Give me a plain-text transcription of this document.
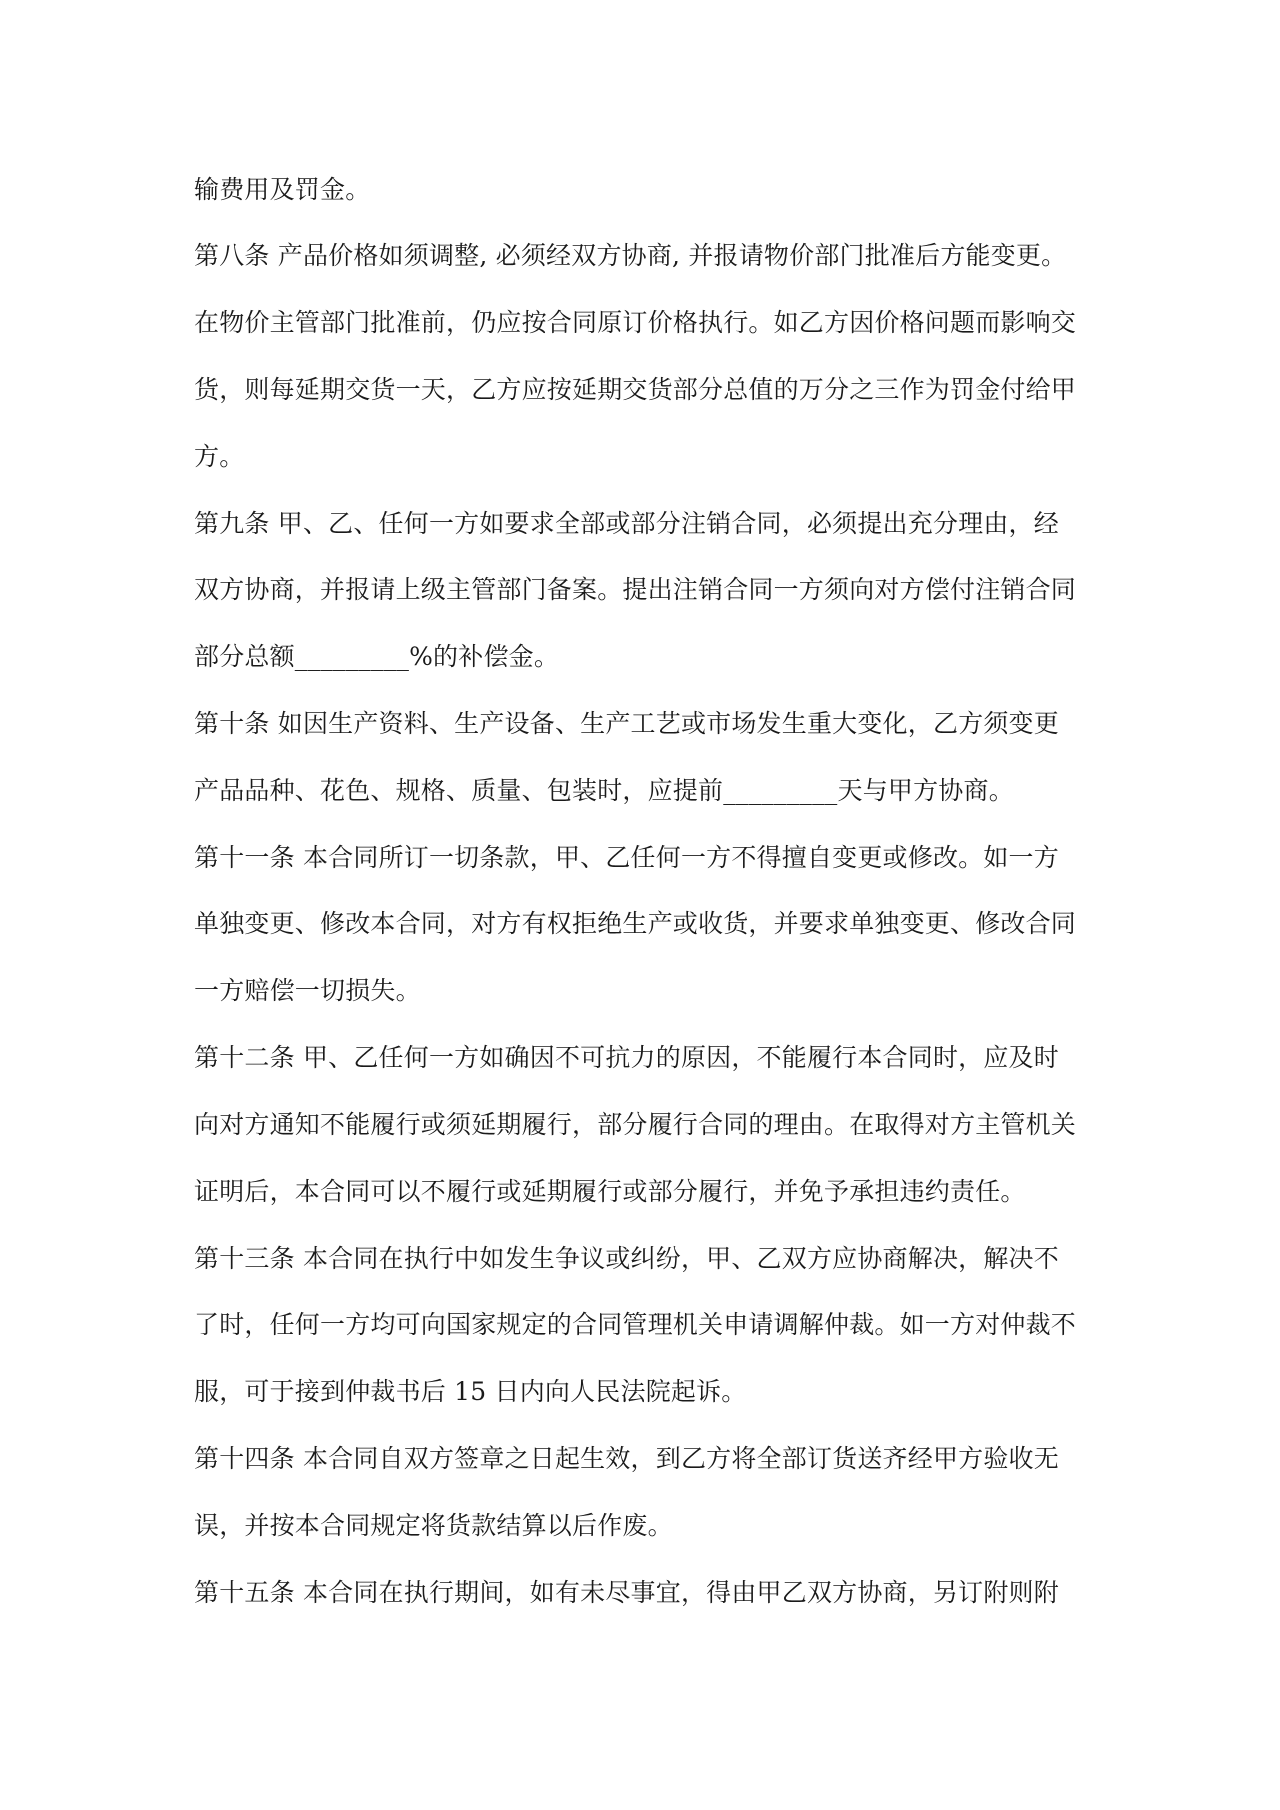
输费用及罚金。
第八条 产品价格如须调整, 必须经双方协商, 并报请物价部门批准后方能变更。
在物价主管部门批准前，仍应按合同原订价格执行。如乙方因价格问题而影响交
货，则每延期交货一天，乙方应按延期交货部分总值的万分之三作为罚金付给甲
方。
第九条 甲、乙、任何一方如要求全部或部分注销合同，必须提出充分理由，经
双方协商，并报请上级主管部门备案。提出注销合同一方须向对方偿付注销合同
部分总额_________%的补偿金。
第十条 如因生产资料、生产设备、生产工艺或市场发生重大变化，乙方须变更
产品品种、花色、规格、质量、包装时，应提前_________天与甲方协商。
第十一条 本合同所订一切条款，甲、乙任何一方不得擅自变更或修改。如一方
单独变更、修改本合同，对方有权拒绝生产或收货，并要求单独变更、修改合同
一方赔偿一切损失。
第十二条 甲、乙任何一方如确因不可抗力的原因，不能履行本合同时，应及时
向对方通知不能履行或须延期履行，部分履行合同的理由。在取得对方主管机关
证明后，本合同可以不履行或延期履行或部分履行，并免予承担违约责任。
第十三条 本合同在执行中如发生争议或纠纷，甲、乙双方应协商解决，解决不
了时，任何一方均可向国家规定的合同管理机关申请调解仲裁。如一方对仲裁不
服，可于接到仲裁书后 15 日内向人民法院起诉。
第十四条 本合同自双方签章之日起生效，到乙方将全部订货送齐经甲方验收无
误，并按本合同规定将货款结算以后作废。
第十五条 本合同在执行期间，如有未尽事宜，得由甲乙双方协商，另订附则附
